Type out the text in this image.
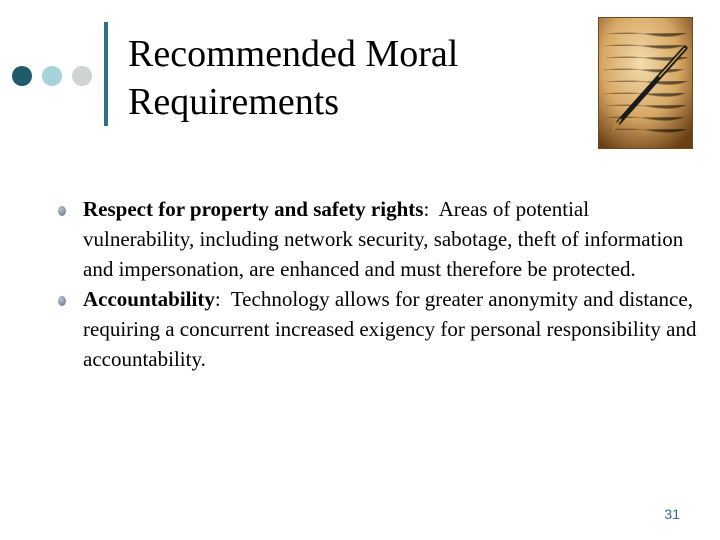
Recommended Moral
Requirements
Respect for property and safety rights:  Areas of potential vulnerability, including network security, sabotage, theft of information and impersonation, are enhanced and must therefore be protected.
Accountability:  Technology allows for greater anonymity and distance, requiring a concurrent increased exigency for personal responsibility and accountability.
31
